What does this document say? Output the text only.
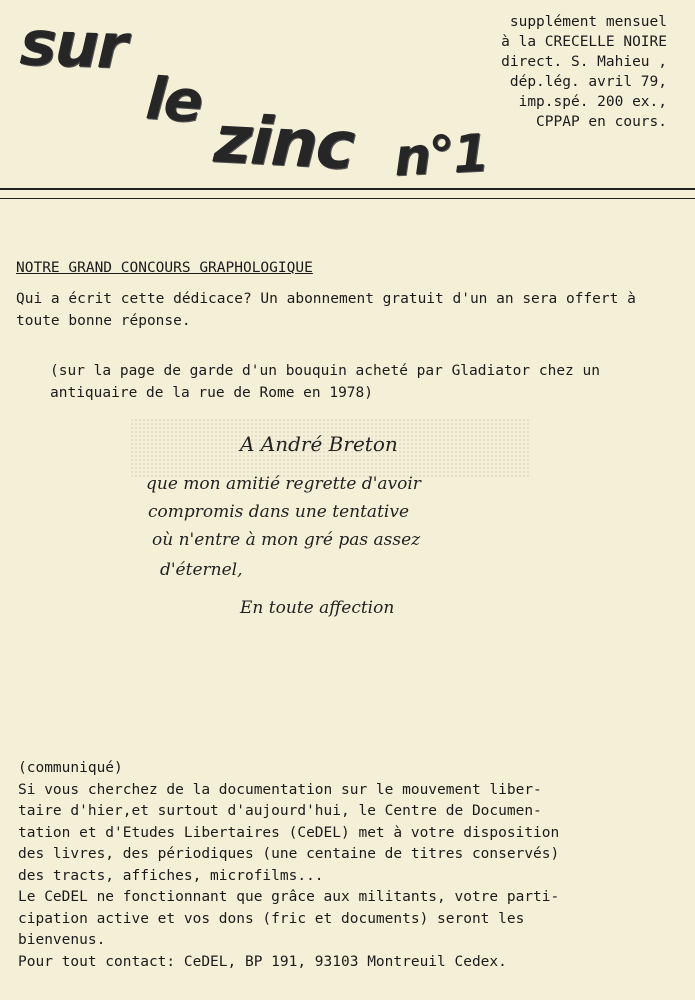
sur
le
zinc n°1
supplément mensuel
à la CRECELLE NOIRE
direct. S. Mahieu ,
dép.lég. avril 79,
imp.spé. 200 ex.,
CPPAP en cours.
NOTRE GRAND CONCOURS GRAPHOLOGIQUE
Qui a écrit cette dédicace? Un abonnement gratuit d'un an sera offert à toute bonne réponse.
(sur la page de garde d'un bouquin acheté par Gladiator chez un antiquaire de la rue de Rome en 1978)
A André Breton
que mon amitié regrette d'avoir
compromis dans une tentative
où n'entre à mon gré pas assez
d'éternel,
En toute affection
(communiqué)
Si vous cherchez de la documentation sur le mouvement liber-
taire d'hier,et surtout d'aujourd'hui, le Centre de Documen-
tation et d'Etudes Libertaires (CeDEL) met à votre disposition
des livres, des périodiques (une centaine de titres conservés)
des tracts, affiches, microfilms...
Le CeDEL ne fonctionnant que grâce aux militants, votre parti-
cipation active et vos dons (fric et documents) seront les
bienvenus.
Pour tout contact: CeDEL, BP 191, 93103 Montreuil Cedex.
